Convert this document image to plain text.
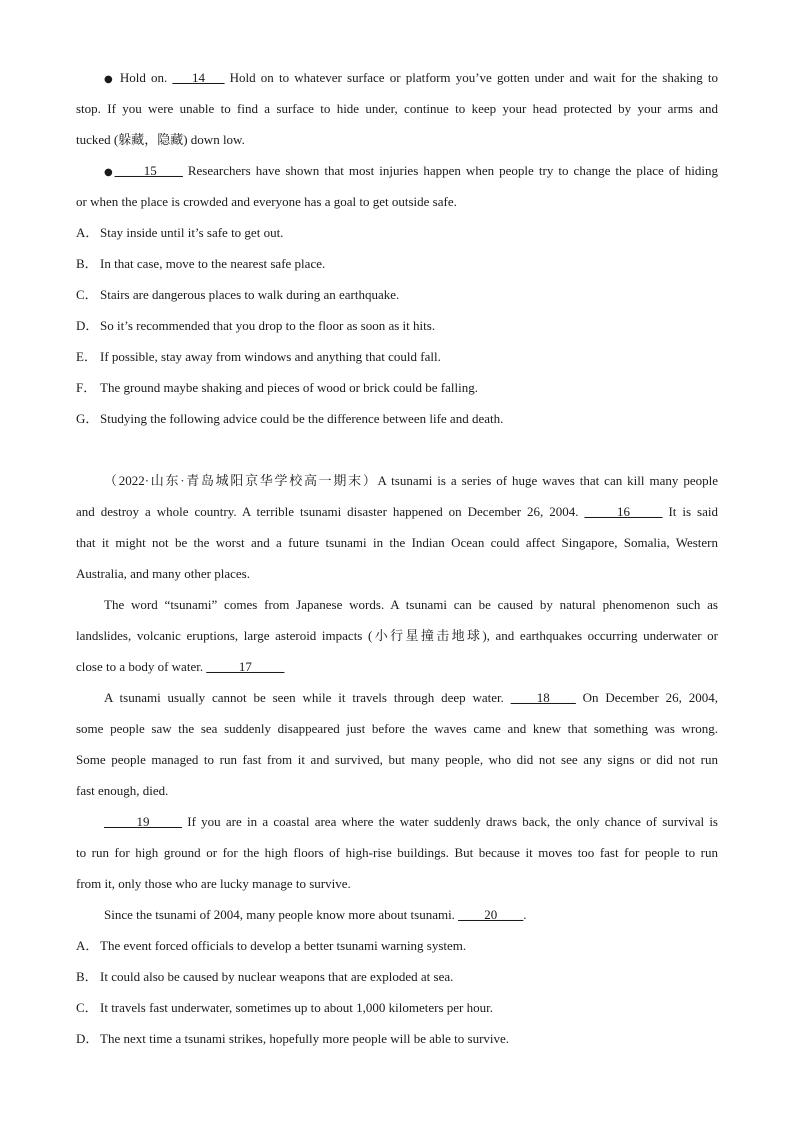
● Hold on. ___14___ Hold on to whatever surface or platform you’ve gotten under and wait for the shaking to
stop. If you were unable to find a surface to hide under, continue to keep your head protected by your arms and
tucked (躲藏，隐藏) down low.
● ____15____ Researchers have shown that most injuries happen when people try to change the place of hiding
or when the place is crowded and everyone has a goal to get outside safe.
A． Stay inside until it’s safe to get out.
B． In that case, move to the nearest safe place.
C． Stairs are dangerous places to walk during an earthquake.
D． So it’s recommended that you drop to the floor as soon as it hits.
E． If possible, stay away from windows and anything that could fall.
F． The ground maybe shaking and pieces of wood or brick could be falling.
G． Studying the following advice could be the difference between life and death.
（2022·山东·青岛城阳京华学校高一期末）A tsunami is a series of huge waves that can kill many people
and destroy a whole country. A terrible tsunami disaster happened on December 26, 2004. _____16_____ It is said
that it might not be the worst and a future tsunami in the Indian Ocean could affect Singapore, Somalia, Western
Australia, and many other places.
The word “tsunami” comes from Japanese words. A tsunami can be caused by natural phenomenon such as
landslides, volcanic eruptions, large asteroid impacts (小行星撞击地球), and earthquakes occurring underwater or
close to a body of water. _____17_____
A tsunami usually cannot be seen while it travels through deep water. ____18____ On December 26, 2004,
some people saw the sea suddenly disappeared just before the waves came and knew that something was wrong.
Some people managed to run fast from it and survived, but many people, who did not see any signs or did not run
fast enough, died.
_____19_____ If you are in a coastal area where the water suddenly draws back, the only chance of survival is
to run for high ground or for the high floors of high-rise buildings. But because it moves too fast for people to run
from it, only those who are lucky manage to survive.
Since the tsunami of 2004, many people know more about tsunami. ____20____.
A． The event forced officials to develop a better tsunami warning system.
B． It could also be caused by nuclear weapons that are exploded at sea.
C． It travels fast underwater, sometimes up to about 1,000 kilometers per hour.
D． The next time a tsunami strikes, hopefully more people will be able to survive.
